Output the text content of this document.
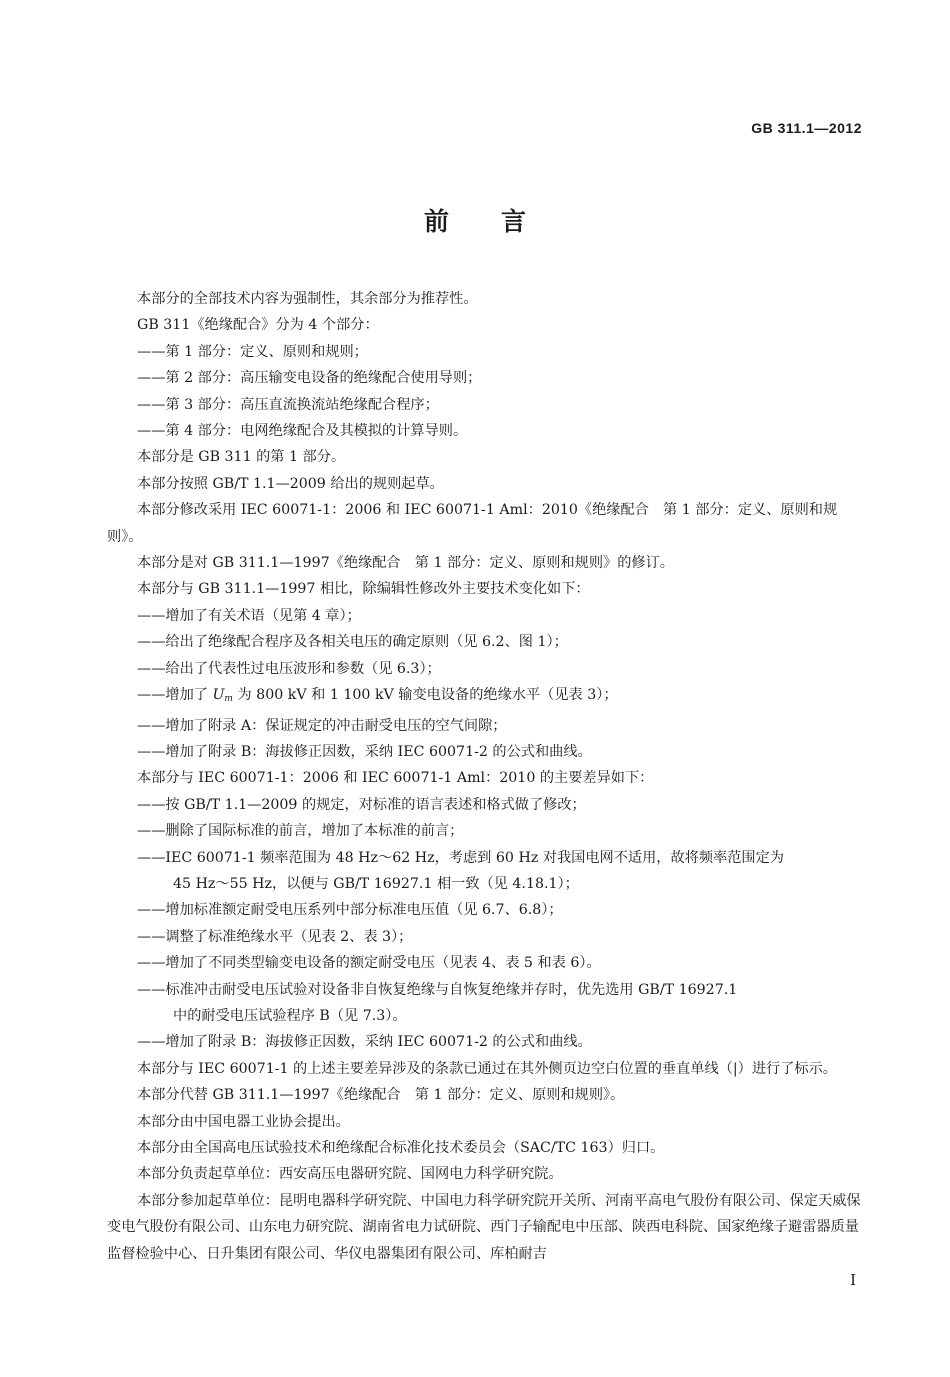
GB 311.1—2012
前言

本部分的全部技术内容为强制性，其余部分为推荐性。

GB 311《绝缘配合》分为 4 个部分：

——第 1 部分：定义、原则和规则；

——第 2 部分：高压输变电设备的绝缘配合使用导则；

——第 3 部分：高压直流换流站绝缘配合程序；

——第 4 部分：电网绝缘配合及其模拟的计算导则。

本部分是 GB 311 的第 1 部分。

本部分按照 GB/T 1.1—2009 给出的规则起草。

本部分修改采用 IEC 60071-1：2006 和 IEC 60071-1 Aml：2010《绝缘配合　第 1 部分：定义、原则和规则》。

本部分是对 GB 311.1—1997《绝缘配合　第 1 部分：定义、原则和规则》的修订。

本部分与 GB 311.1—1997 相比，除编辑性修改外主要技术变化如下：

——增加了有关术语（见第 4 章）；

——给出了绝缘配合程序及各相关电压的确定原则（见 6.2、图 1）；

——给出了代表性过电压波形和参数（见 6.3）；

——增加了 $U_m$ 为 800 kV 和 1 100 kV 输变电设备的绝缘水平（见表 3）；

——增加了附录 A：保证规定的冲击耐受电压的空气间隙；

——增加了附录 B：海拔修正因数，采纳 IEC 60071-2 的公式和曲线。

本部分与 IEC 60071-1：2006 和 IEC 60071-1 Aml：2010 的主要差异如下：

——按 GB/T 1.1—2009 的规定，对标准的语言表述和格式做了修改；

——删除了国际标准的前言，增加了本标准的前言；

——IEC 60071-1 频率范围为 48 Hz～62 Hz，考虑到 60 Hz 对我国电网不适用，故将频率范围定为

45 Hz～55 Hz，以便与 GB/T 16927.1 相一致（见 4.18.1）；

——增加标准额定耐受电压系列中部分标准电压值（见 6.7、6.8）；

——调整了标准绝缘水平（见表 2、表 3）；

——增加了不同类型输变电设备的额定耐受电压（见表 4、表 5 和表 6）。

——标准冲击耐受电压试验对设备非自恢复绝缘与自恢复绝缘并存时，优先选用 GB/T 16927.1

中的耐受电压试验程序 B（见 7.3）。

——增加了附录 B：海拔修正因数，采纳 IEC 60071-2 的公式和曲线。

本部分与 IEC 60071-1 的上述主要差异涉及的条款已通过在其外侧页边空白位置的垂直单线（|）进行了标示。

本部分代替 GB 311.1—1997《绝缘配合　第 1 部分：定义、原则和规则》。

本部分由中国电器工业协会提出。

本部分由全国高电压试验技术和绝缘配合标准化技术委员会（SAC/TC 163）归口。

本部分负责起草单位：西安高压电器研究院、国网电力科学研究院。

本部分参加起草单位：昆明电器科学研究院、中国电力科学研究院开关所、河南平高电气股份有限公司、保定天威保变电气股份有限公司、山东电力研究院、湖南省电力试研院、西门子输配电中压部、陕西电科院、国家绝缘子避雷器质量监督检验中心、日升集团有限公司、华仪电器集团有限公司、库柏耐吉

I
